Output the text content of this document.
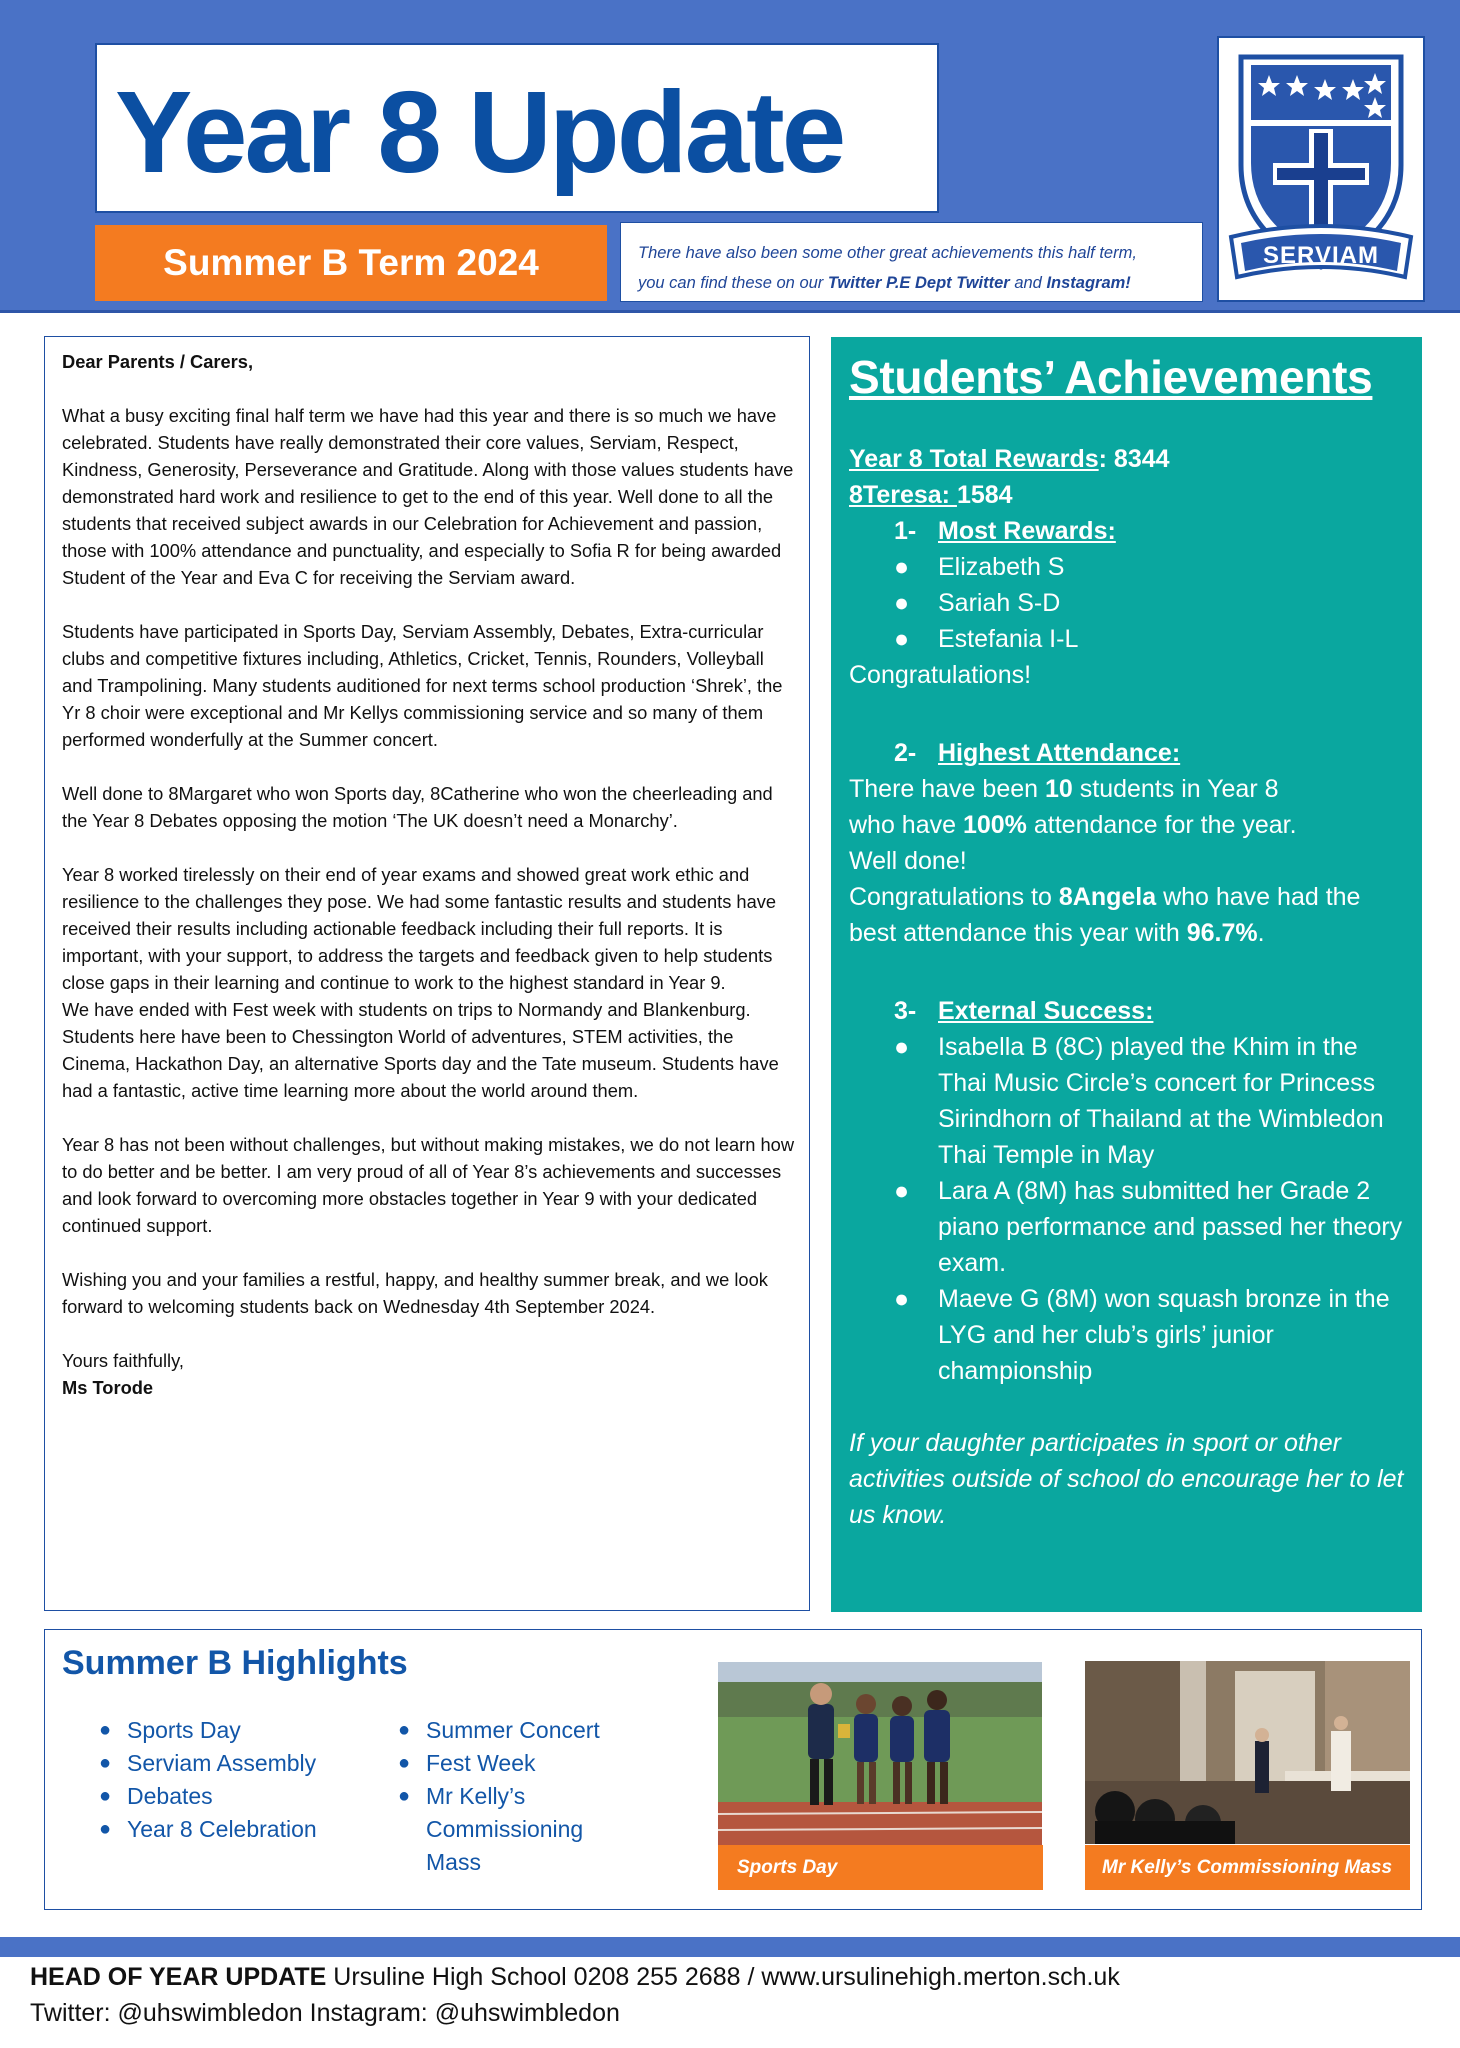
Year 8 Update
Summer B Term 2024	There have also been some other great achievements this half term,
you can find these on our Twitter P.E Dept Twitter and Instagram!
SERVIAM

Dear Parents / Carers,

What a busy exciting final half term we have had this year and there is so much we have celebrated. Students have really demonstrated their core values, Serviam, Respect, Kindness, Generosity, Perseverance and Gratitude. Along with those values students have demonstrated hard work and resilience to get to the end of this year. Well done to all the students that received subject awards in our Celebration for Achievement and passion, those with 100% attendance and punctuality, and especially to Sofia R for being awarded Student of the Year and Eva C for receiving the Serviam award.

Students have participated in Sports Day, Serviam Assembly, Debates, Extra-curricular clubs and competitive fixtures including, Athletics, Cricket, Tennis, Rounders, Volleyball and Trampolining. Many students auditioned for next terms school production ‘Shrek’, the Yr 8 choir were exceptional and Mr Kellys commissioning service and so many of them performed wonderfully at the Summer concert.

Well done to 8Margaret who won Sports day, 8Catherine who won the cheerleading and the Year 8 Debates opposing the motion ‘The UK doesn’t need a Monarchy’.

Year 8 worked tirelessly on their end of year exams and showed great work ethic and resilience to the challenges they pose. We had some fantastic results and students have received their results including actionable feedback including their full reports. It is important, with your support, to address the targets and feedback given to help students close gaps in their learning and continue to work to the highest standard in Year 9.

We have ended with Fest week with students on trips to Normandy and Blankenburg. Students here have been to Chessington World of adventures, STEM activities, the Cinema, Hackathon Day, an alternative Sports day and the Tate museum. Students have had a fantastic, active time learning more about the world around them.

Year 8 has not been without challenges, but without making mistakes, we do not learn how to do better and be better. I am very proud of all of Year 8’s achievements and successes and look forward to overcoming more obstacles together in Year 9 with your dedicated continued support.

Wishing you and your families a restful, happy, and healthy summer break, and we look forward to welcoming students back on Wednesday 4th September 2024.

Yours faithfully,
Ms Torode
Students’ Achievements
Year 8 Total Rewards: 8344
8Teresa: 1584
1- Most Rewards:
●	Elizabeth S
●	Sariah S-D
●	Estefania I-L
Congratulations!
2- Highest Attendance:
There have been 10 students in Year 8
who have 100% attendance for the year.
Well done!
Congratulations to 8Angela who have had the best attendance this year with 96.7%.
3- External Success:
●	Isabella B (8C) played the Khim in the Thai Music Circle’s concert for Princess Sirindhorn of Thailand at the Wimbledon Thai Temple in May
●	Lara A (8M) has submitted her Grade 2 piano performance and passed her theory exam.
●	Maeve G (8M) won squash bronze in the LYG and her club’s girls’ junior championship
If your daughter participates in sport or other activities outside of school do encourage her to let us know.
Summer B Highlights
● Sports Day
● Serviam Assembly
● Debates
● Year 8 Celebration
● Summer Concert
● Fest Week
● Mr Kelly’s Commissioning Mass	Sports Day	Mr Kelly’s Commissioning Mass
HEAD OF YEAR UPDATE Ursuline High School 0208 255 2688 / www.ursulinehigh.merton.sch.uk
Twitter: @uhswimbledon Instagram: @uhswimbledon
